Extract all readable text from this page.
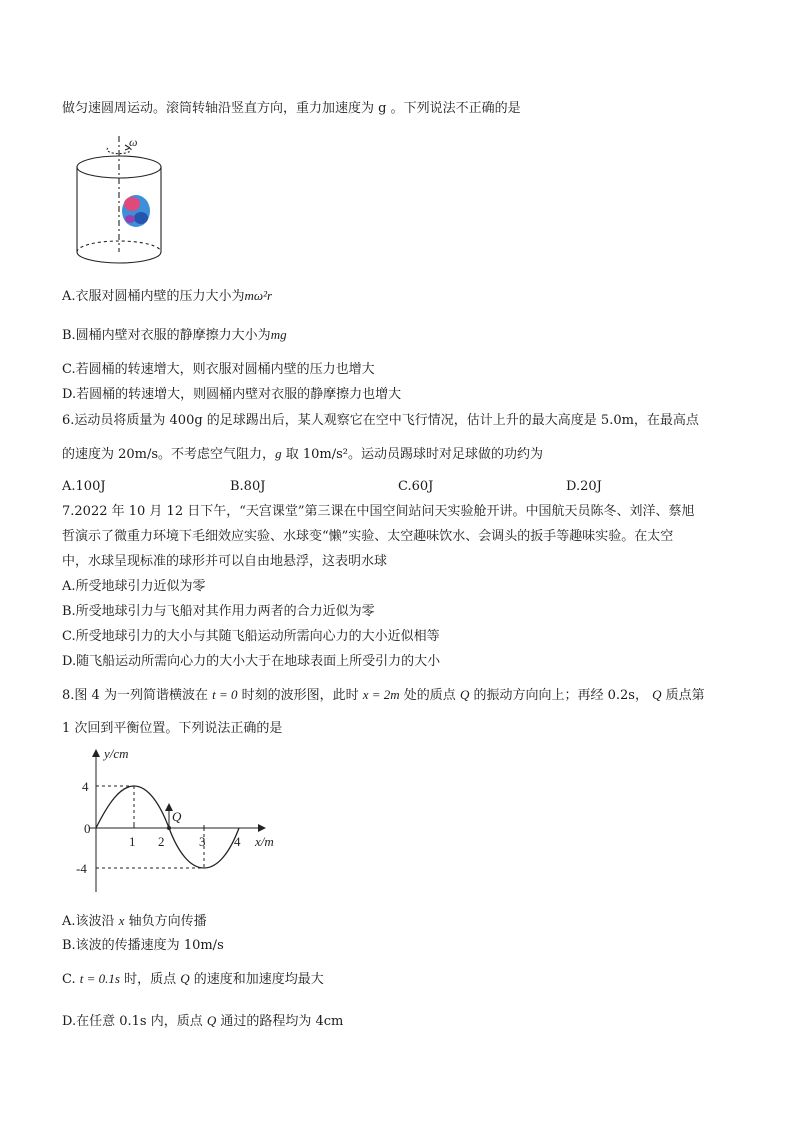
做匀速圆周运动。滚筒转轴沿竖直方向，重力加速度为 g 。下列说法不正确的是
ω
A.衣服对圆桶内壁的压力大小为mω²r
B.圆桶内壁对衣服的静摩擦力大小为mg
C.若圆桶的转速增大，则衣服对圆桶内壁的压力也增大
D.若圆桶的转速增大，则圆桶内壁对衣服的静摩擦力也增大
6.运动员将质量为 400g 的足球踢出后，某人观察它在空中飞行情况，估计上升的最大高度是 5.0m，在最高点
的速度为 20m/s。不考虑空气阻力，g 取 10m/s²。运动员踢球时对足球做的功约为
A.100J	B.80J	C.60J	D.20J
7.2022 年 10 月 12 日下午，“天宫课堂”第三课在中国空间站问天实验舱开讲。中国航天员陈冬、刘洋、蔡旭
哲演示了微重力环境下毛细效应实验、水球变“懒”实验、太空趣味饮水、会调头的扳手等趣味实验。在太空
中，水球呈现标准的球形并可以自由地悬浮，这表明水球
A.所受地球引力近似为零
B.所受地球引力与飞船对其作用力两者的合力近似为零
C.所受地球引力的大小与其随飞船运动所需向心力的大小近似相等
D.随飞船运动所需向心力的大小大于在地球表面上所受引力的大小
8.图 4 为一列简谐横波在 t = 0 时刻的波形图，此时 x = 2m 处的质点 Q 的振动方向向上；再经 0.2s， Q 质点第
1 次回到平衡位置。下列说法正确的是
y/cm
4
0
-4
1 2	3 4 x/m
Q
A.该波沿 x 轴负方向传播
B.该波的传播速度为 10m/s
C. t = 0.1s 时，质点 Q 的速度和加速度均最大
D.在任意 0.1s 内，质点 Q 通过的路程均为 4cm
